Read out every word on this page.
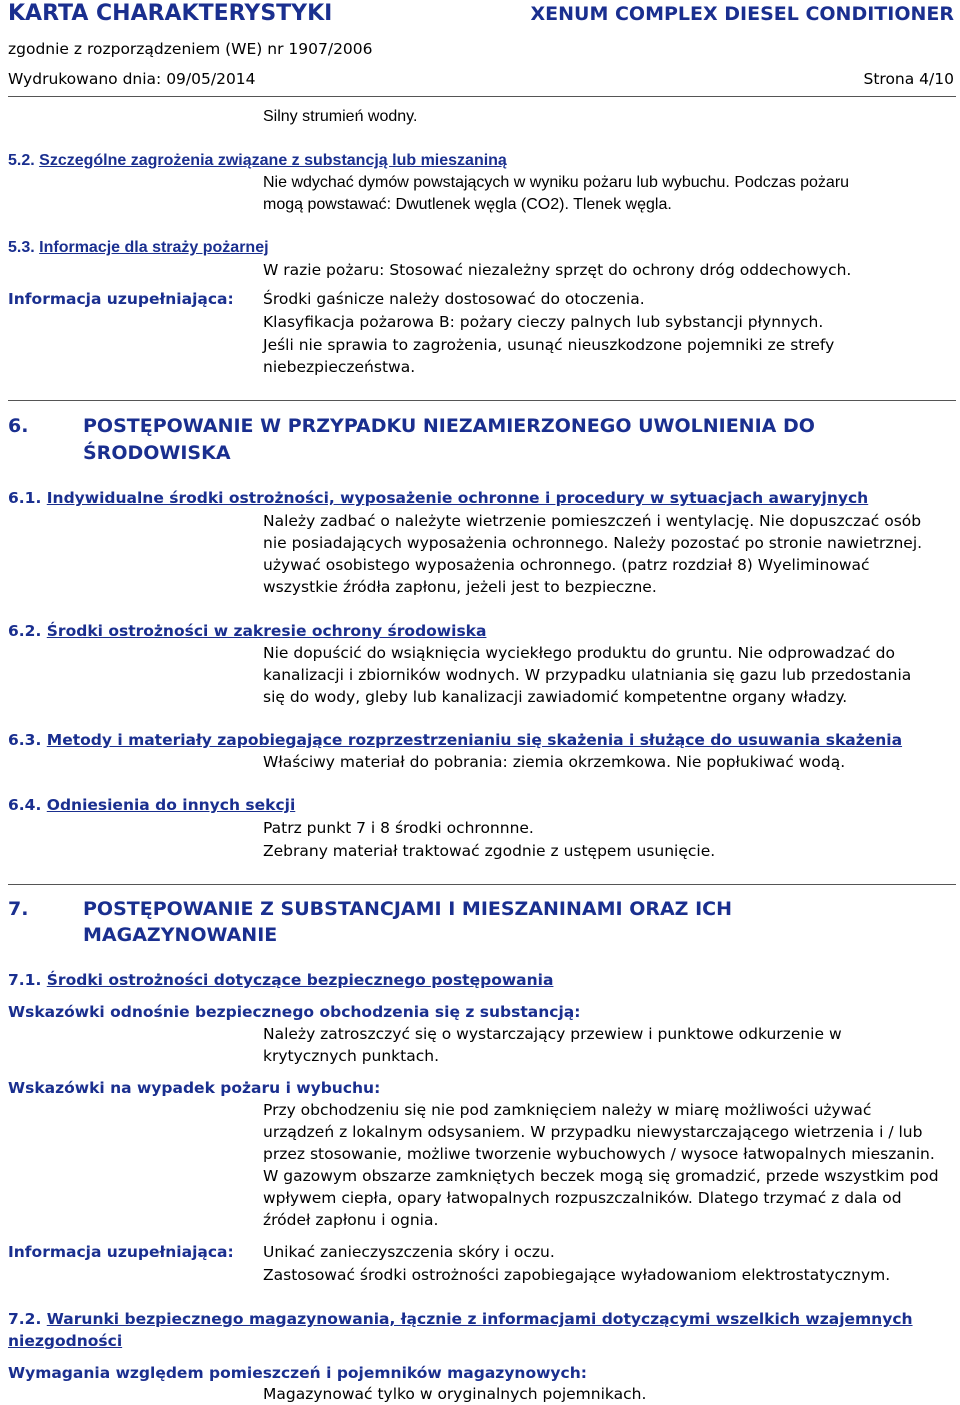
KARTA CHARAKTERYSTYKI	XENUM COMPLEX DIESEL CONDITIONER
zgodnie z rozporządzeniem (WE) nr 1907/2006
Wydrukowano dnia: 09/05/2014	Strona 4/10
Silny strumień wodny.
5.2. Szczególne zagrożenia związane z substancją lub mieszaniną
Nie wdychać dymów powstających w wyniku pożaru lub wybuchu. Podczas pożaru
mogą powstawać: Dwutlenek węgla (CO2). Tlenek węgla.
5.3. Informacje dla straży pożarnej
W razie pożaru: Stosować niezależny sprzęt do ochrony dróg oddechowych.
Informacja uzupełniająca: Środki gaśnicze należy dostosować do otoczenia.
Klasyfikacja pożarowa B: pożary cieczy palnych lub sybstancji płynnych.
Jeśli nie sprawia to zagrożenia, usunąć nieuszkodzone pojemniki ze strefy
niebezpieczeństwa.
6.	POSTĘPOWANIE W PRZYPADKU NIEZAMIERZONEGO UWOLNIENIA DO
ŚRODOWISKA
6.1. Indywidualne środki ostrożności, wyposażenie ochronne i procedury w sytuacjach awaryjnych
Należy zadbać o należyte wietrzenie pomieszczeń i wentylację. Nie dopuszczać osób
nie posiadających wyposażenia ochronnego. Należy pozostać po stronie nawietrznej.
używać osobistego wyposażenia ochronnego. (patrz rozdział 8) Wyeliminować
wszystkie źródła zapłonu, jeżeli jest to bezpieczne.
6.2. Środki ostrożności w zakresie ochrony środowiska
Nie dopuścić do wsiąknięcia wyciekłego produktu do gruntu. Nie odprowadzać do
kanalizacji i zbiorników wodnych. W przypadku ulatniania się gazu lub przedostania
się do wody, gleby lub kanalizacji zawiadomić kompetentne organy władzy.
6.3. Metody i materiały zapobiegające rozprzestrzenianiu się skażenia i służące do usuwania skażenia
Właściwy materiał do pobrania: ziemia okrzemkowa. Nie popłukiwać wodą.
6.4. Odniesienia do innych sekcji
Patrz punkt 7 i 8 środki ochronnne.
Zebrany materiał traktować zgodnie z ustępem usunięcie.
7.	POSTĘPOWANIE Z SUBSTANCJAMI I MIESZANINAMI ORAZ ICH
MAGAZYNOWANIE
7.1. Środki ostrożności dotyczące bezpiecznego postępowania
Wskazówki odnośnie bezpiecznego obchodzenia się z substancją:
Należy zatroszczyć się o wystarczający przewiew i punktowe odkurzenie w
krytycznych punktach.
Wskazówki na wypadek pożaru i wybuchu:
Przy obchodzeniu się nie pod zamknięciem należy w miarę możliwości używać
urządzeń z lokalnym odsysaniem. W przypadku niewystarczającego wietrzenia i / lub
przez stosowanie, możliwe tworzenie wybuchowych / wysoce łatwopalnych mieszanin.
W gazowym obszarze zamkniętych beczek mogą się gromadzić, przede wszystkim pod
wpływem ciepła, opary łatwopalnych rozpuszczalników. Dlatego trzymać z dala od
źródeł zapłonu i ognia.
Informacja uzupełniająca: Unikać zanieczyszczenia skóry i oczu.
Zastosować środki ostrożności zapobiegające wyładowaniom elektrostatycznym.
7.2. Warunki bezpiecznego magazynowania, łącznie z informacjami dotyczącymi wszelkich wzajemnych
niezgodności
Wymagania względem pomieszczeń i pojemników magazynowych:
Magazynować tylko w oryginalnych pojemnikach.
